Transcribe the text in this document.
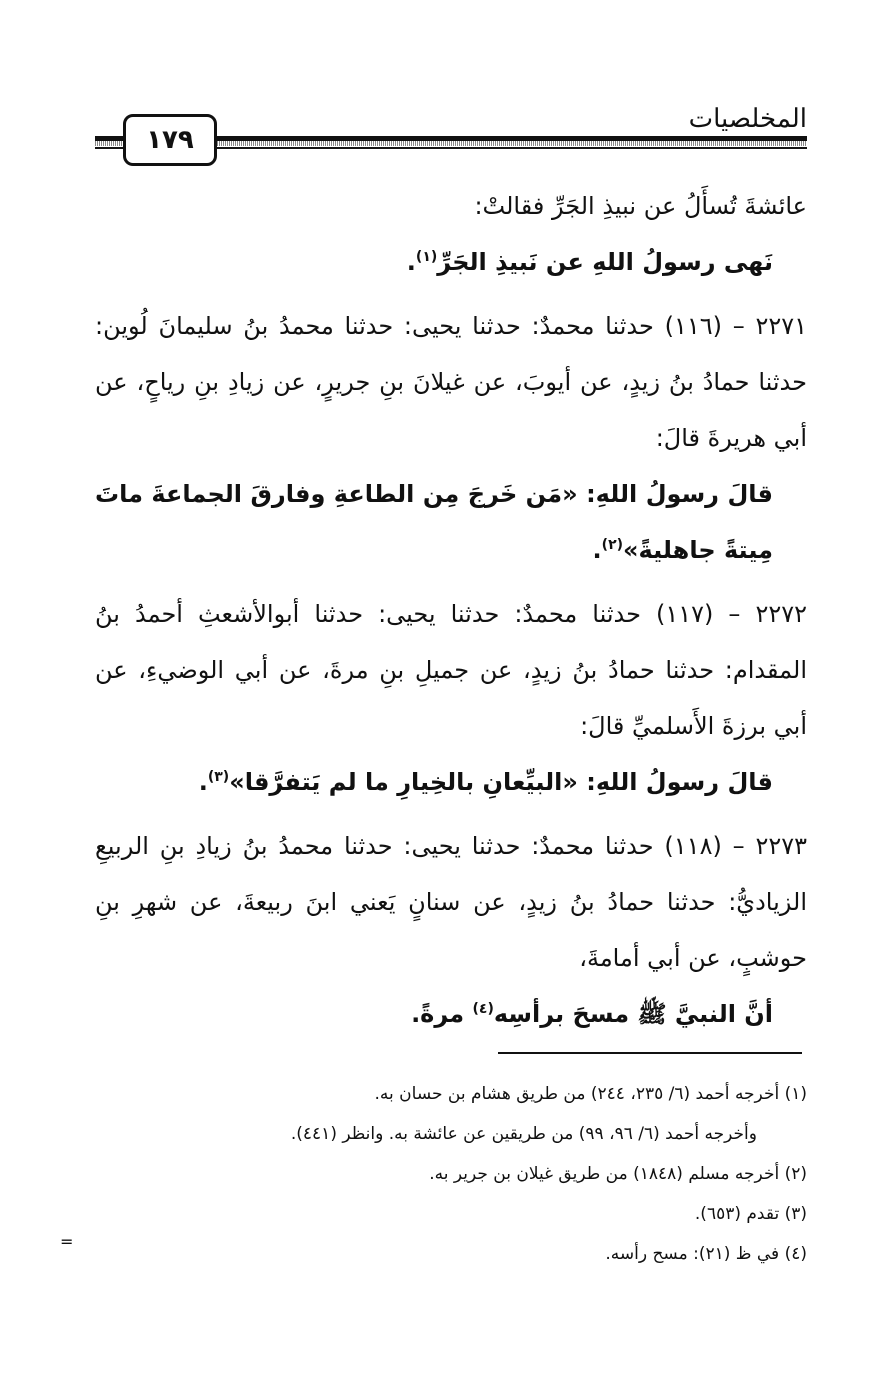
المخلصيات
١٧٩

عائشةَ تُسأَلُ عن نبيذِ الجَرِّ فقالتْ:

نَهى رسولُ اللهِ عن نَبيذِ الجَرِّ$^{(١)}$.

٢٢٧١ – (١١٦) حدثنا محمدٌ: حدثنا يحيى: حدثنا محمدُ بنُ سليمانَ لُوين: حدثنا حمادُ بنُ زيدٍ، عن أيوبَ، عن غيلانَ بنِ جريرٍ، عن زيادِ بنِ رياحٍ، عن أبي هريرةَ قالَ:

قالَ رسولُ اللهِ: «مَن خَرجَ مِن الطاعةِ وفارقَ الجماعةَ ماتَ مِيتةً جاهليةً»$^{(٢)}$.

٢٢٧٢ – (١١٧) حدثنا محمدٌ: حدثنا يحيى: حدثنا أبوالأشعثِ أحمدُ بنُ المقدام: حدثنا حمادُ بنُ زيدٍ، عن جميلِ بنِ مرةَ، عن أبي الوضيءِ، عن أبي برزةَ الأَسلميِّ قالَ:

قالَ رسولُ اللهِ: «البيِّعانِ بالخِيارِ ما لم يَتفرَّقا»$^{(٣)}$.

٢٢٧٣ – (١١٨) حدثنا محمدٌ: حدثنا يحيى: حدثنا محمدُ بنُ زيادِ بنِ الربيعِ الزياديُّ: حدثنا حمادُ بنُ زيدٍ، عن سنانٍ يَعني ابنَ ربيعةَ، عن شهرِ بنِ حوشبٍ، عن أبي أمامةَ،

أنَّ النبيَّ ﷺ مسحَ برأسِه$^{(٤)}$ مرةً.

(١) أخرجه أحمد (٦/ ٢٣٥، ٢٤٤) من طريق هشام بن حسان به.

وأخرجه أحمد (٦/ ٩٦، ٩٩) من طريقين عن عائشة به. وانظر (٤٤١).

(٢) أخرجه مسلم (١٨٤٨) من طريق غيلان بن جرير به.

(٣) تقدم (٦٥٣).

(٤) في ظ (٢١): مسح رأسه.

=
